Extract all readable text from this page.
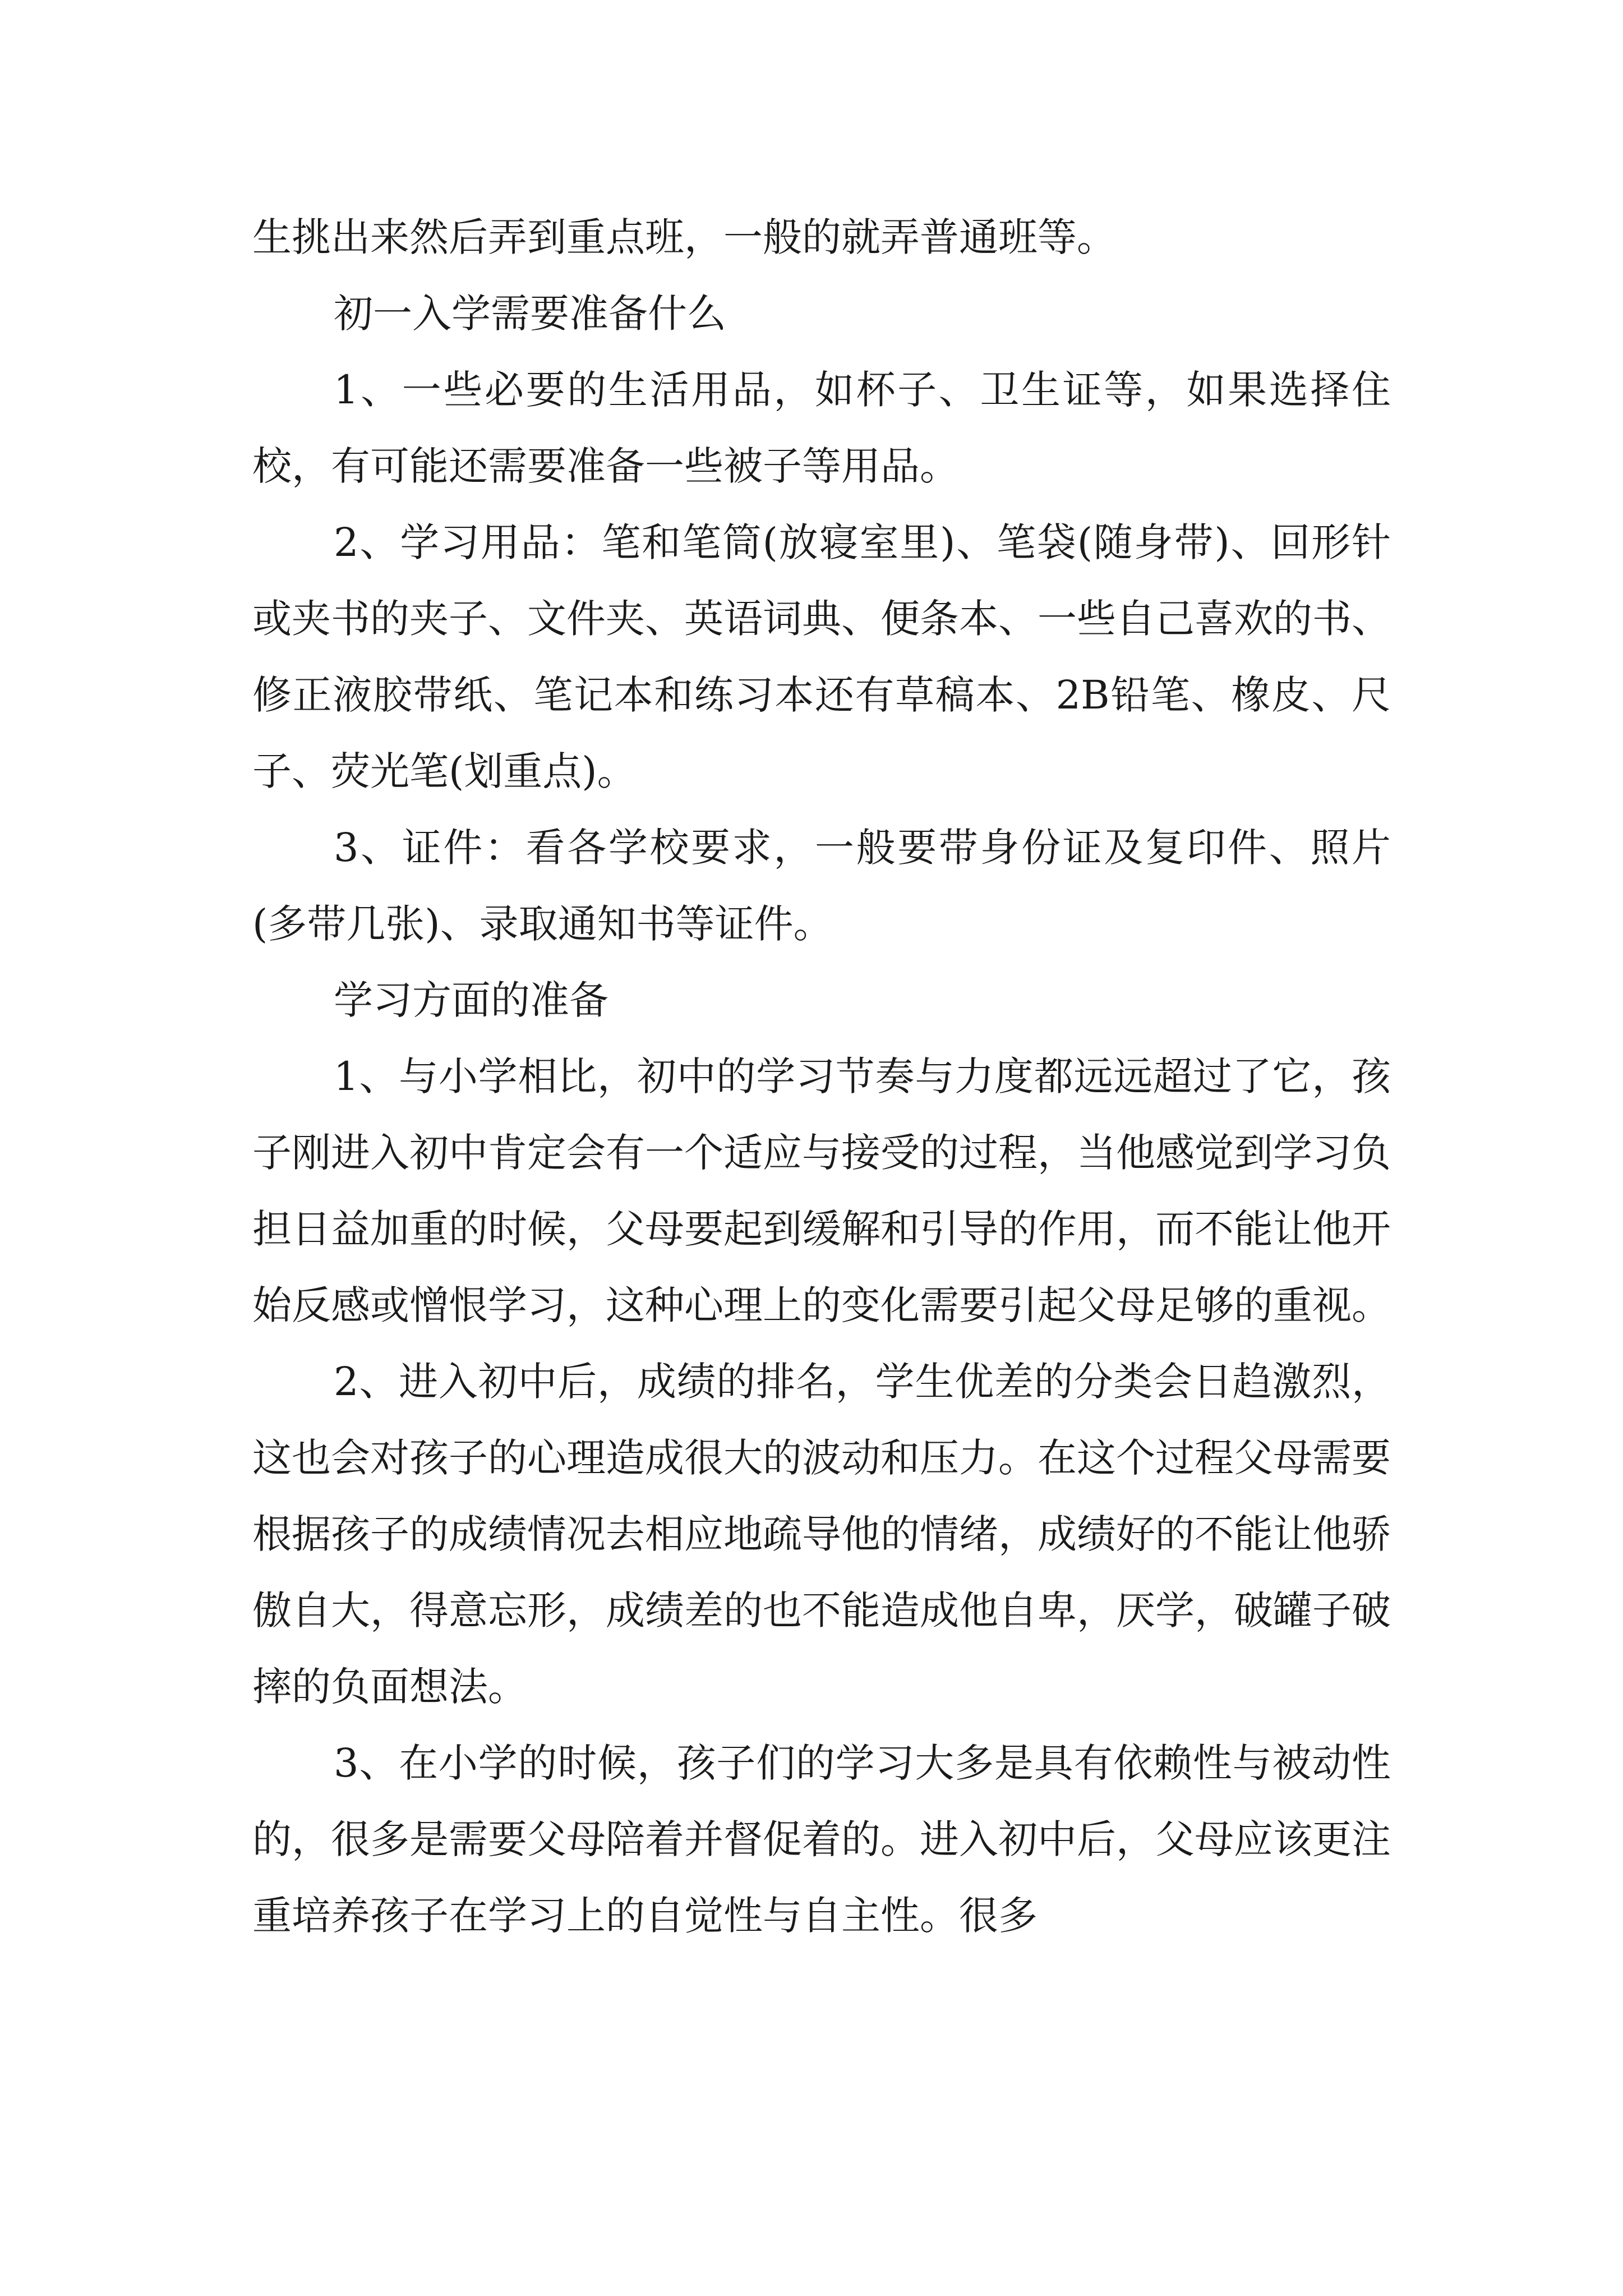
生挑出来然后弄到重点班，一般的就弄普通班等。

初一入学需要准备什么

1、一些必要的生活用品，如杯子、卫生证等，如果选择住校，有可能还需要准备一些被子等用品。

2、学习用品：笔和笔筒(放寝室里)、笔袋(随身带)、回形针或夹书的夹子、文件夹、英语词典、便条本、一些自己喜欢的书、修正液胶带纸、笔记本和练习本还有草稿本、2B铅笔、橡皮、尺子、荧光笔(划重点)。

3、证件：看各学校要求，一般要带身份证及复印件、照片(多带几张)、录取通知书等证件。

学习方面的准备

1、与小学相比，初中的学习节奏与力度都远远超过了它，孩子刚进入初中肯定会有一个适应与接受的过程，当他感觉到学习负担日益加重的时候，父母要起到缓解和引导的作用，而不能让他开始反感或憎恨学习，这种心理上的变化需要引起父母足够的重视。

2、进入初中后，成绩的排名，学生优差的分类会日趋激烈，这也会对孩子的心理造成很大的波动和压力。在这个过程父母需要根据孩子的成绩情况去相应地疏导他的情绪，成绩好的不能让他骄傲自大，得意忘形，成绩差的也不能造成他自卑，厌学，破罐子破摔的负面想法。

3、在小学的时候，孩子们的学习大多是具有依赖性与被动性的，很多是需要父母陪着并督促着的。进入初中后，父母应该更注重培养孩子在学习上的自觉性与自主性。很多
